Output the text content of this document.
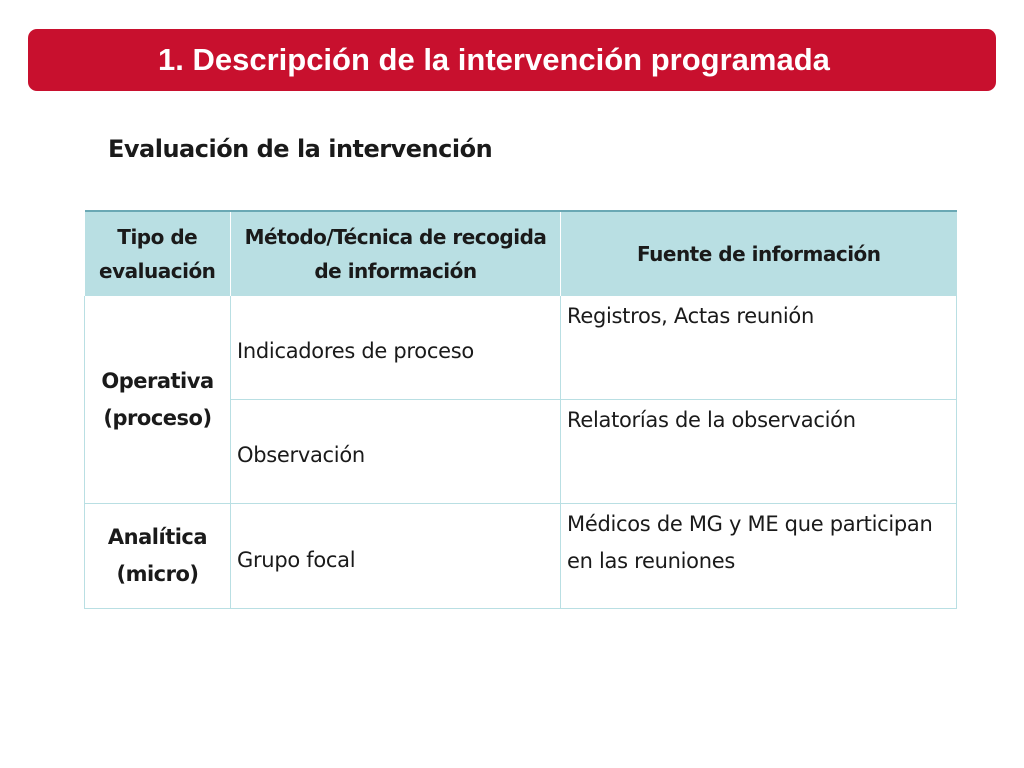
1. Descripción de la intervención programada
Evaluación de la intervención
Tipo de evaluación	Método/Técnica de recogida de información	Fuente de información
Operativa (proceso)	Indicadores de proceso	Registros, Actas reunión
	Observación	Relatorías de la observación
Analítica (micro)	Grupo focal	Médicos de MG y ME que participan en las reuniones
